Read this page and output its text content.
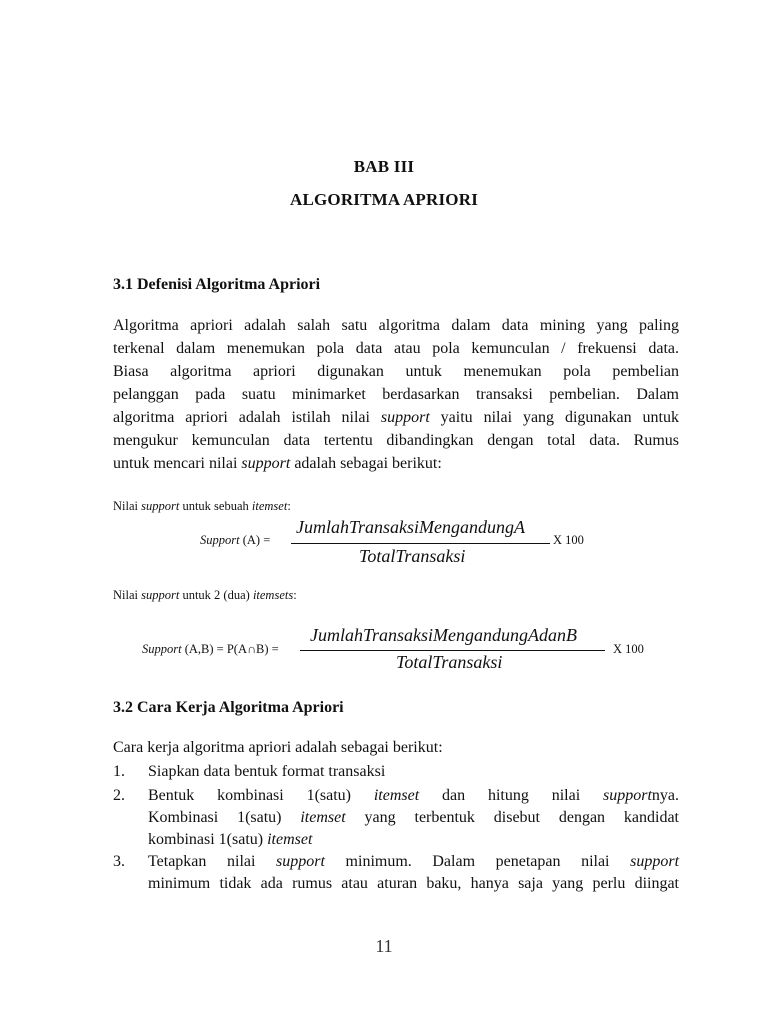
BAB III
ALGORITMA APRIORI
3.1 Defenisi Algoritma Apriori
Algoritma apriori adalah salah satu algoritma dalam data mining yang paling
terkenal dalam menemukan pola data atau pola kemunculan / frekuensi data.
Biasa algoritma apriori digunakan untuk menemukan pola pembelian
pelanggan pada suatu minimarket berdasarkan transaksi pembelian. Dalam
algoritma apriori adalah istilah nilai support yaitu nilai yang digunakan untuk
mengukur kemunculan data tertentu dibandingkan dengan total data. Rumus
untuk mencari nilai support adalah sebagai berikut:
Nilai support untuk sebuah itemset:
Support (A) =
JumlahTransaksiMengandungA
TotalTransaksi
X 100
Nilai support untuk 2 (dua) itemsets:
Support (A,B) = P(A∩B) =
JumlahTransaksiMengandungAdanB
TotalTransaksi
X 100
3.2 Cara Kerja Algoritma Apriori
Cara kerja algoritma apriori adalah sebagai berikut:
1.	Siapkan data bentuk format transaksi
2.	Bentuk kombinasi 1(satu) itemset dan hitung nilai supportnya.
Kombinasi 1(satu) itemset yang terbentuk disebut dengan kandidat
kombinasi 1(satu) itemset
3.	Tetapkan nilai support minimum. Dalam penetapan nilai support
minimum tidak ada rumus atau aturan baku, hanya saja yang perlu diingat
11
